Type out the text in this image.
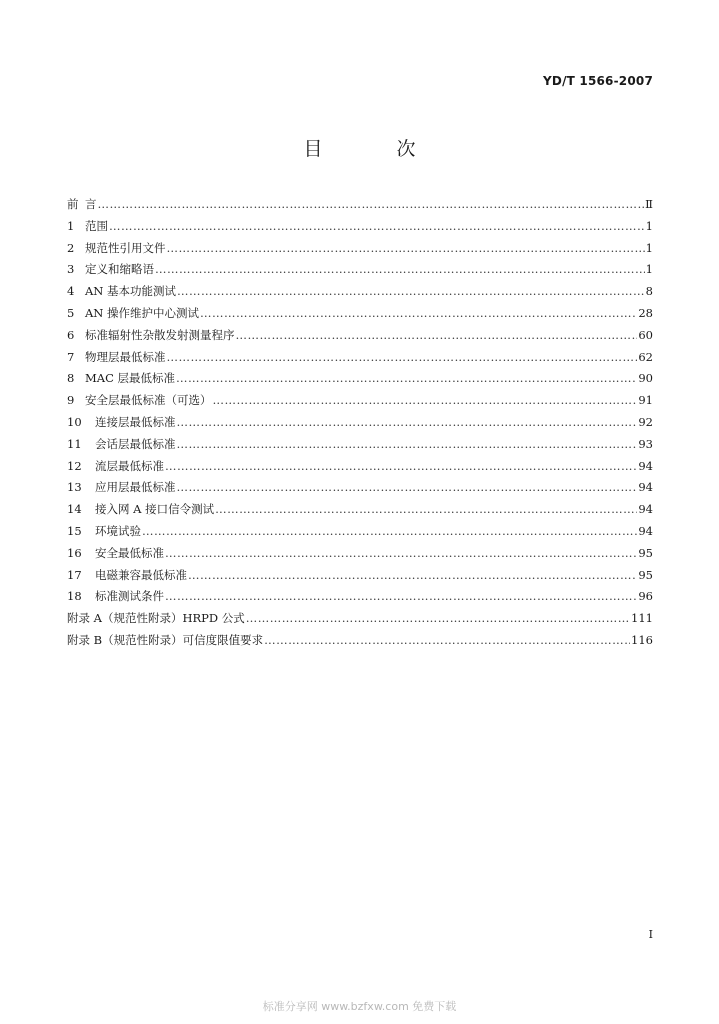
YD/T 1566-2007
目 次
前 言 …………………………………………………………………………………………………………………………………………………………………………………………………………………………	Ⅱ
1 范围 …………………………………………………………………………………………………………………………………………………………………………………………………………………………	1
2 规范性引用文件 …………………………………………………………………………………………………………………………………………………………………………………………………………………………	1
3 定义和缩略语 …………………………………………………………………………………………………………………………………………………………………………………………………………………………	1
4 AN 基本功能测试 …………………………………………………………………………………………………………………………………………………………………………………………………………………………	8
5 AN 操作维护中心测试 …………………………………………………………………………………………………………………………………………………………………………………………………………………………	28
6 标准辐射性杂散发射测量程序 …………………………………………………………………………………………………………………………………………………………………………………………………………………………	60
7 物理层最低标准 …………………………………………………………………………………………………………………………………………………………………………………………………………………………	62
8 MAC 层最低标准 …………………………………………………………………………………………………………………………………………………………………………………………………………………………	90
9 安全层最低标准（可选） …………………………………………………………………………………………………………………………………………………………………………………………………………………………	91
10	连接层最低标准 …………………………………………………………………………………………………………………………………………………………………………………………………………………………	92
11	会话层最低标准 …………………………………………………………………………………………………………………………………………………………………………………………………………………………	93
12	流层最低标准 …………………………………………………………………………………………………………………………………………………………………………………………………………………………	94
13	应用层最低标准 …………………………………………………………………………………………………………………………………………………………………………………………………………………………	94
14	接入网 A 接口信令测试 …………………………………………………………………………………………………………………………………………………………………………………………………………………………	94
15	环境试验 …………………………………………………………………………………………………………………………………………………………………………………………………………………………	94
16	安全最低标准 …………………………………………………………………………………………………………………………………………………………………………………………………………………………	95
17	电磁兼容最低标准 …………………………………………………………………………………………………………………………………………………………………………………………………………………………	95
18	标准测试条件 …………………………………………………………………………………………………………………………………………………………………………………………………………………………	96
附录 A（规范性附录）HRPD 公式 …………………………………………………………………………………………………………………………………………………………………………………………………………………………	111
附录 B（规范性附录）可信度限值要求 …………………………………………………………………………………………………………………………………………………………………………………………………………………………	116
I
标准分享网 www.bzfxw.com 免费下载
